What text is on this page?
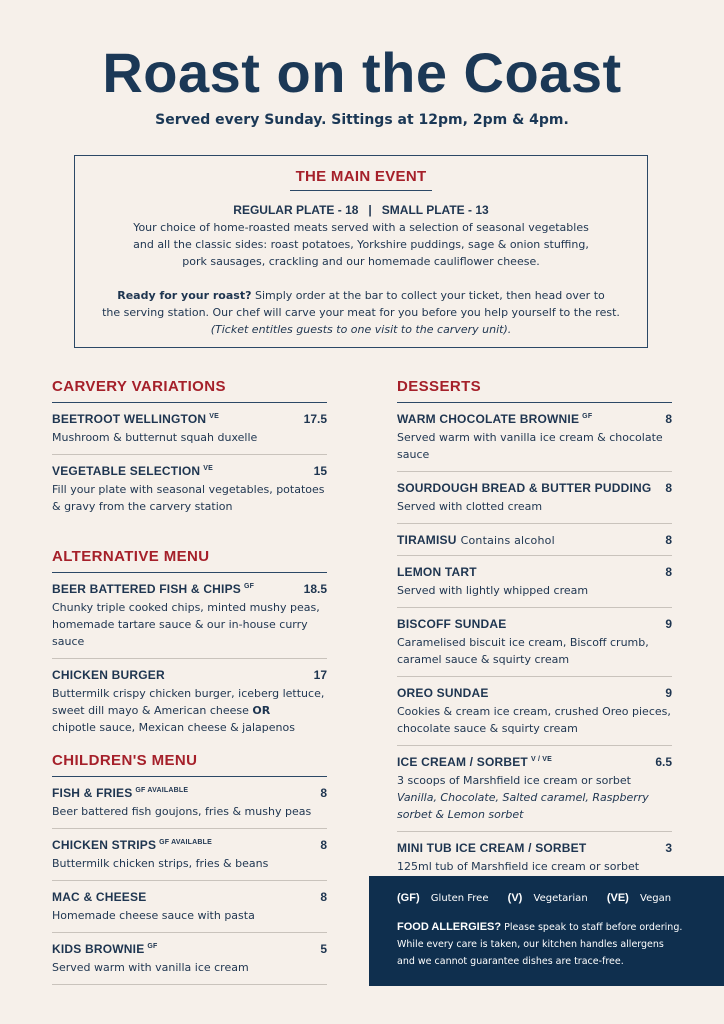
Roast on the Coast
Served every Sunday. Sittings at 12pm, 2pm & 4pm.
THE MAIN EVENT
REGULAR PLATE - 18 | SMALL PLATE - 13
Your choice of home-roasted meats served with a selection of seasonal vegetables
and all the classic sides: roast potatoes, Yorkshire puddings, sage & onion stuffing,
pork sausages, crackling and our homemade cauliflower cheese.
Ready for your roast? Simply order at the bar to collect your ticket, then head over to
the serving station. Our chef will carve your meat for you before you help yourself to the rest.
(Ticket entitles guests to one visit to the carvery unit).
CARVERY VARIATIONS
BEETROOT WELLINGTON $^{VE}$	17.5
Mushroom & butternut squah duxelle
VEGETABLE SELECTION $^{VE}$	15
Fill your plate with seasonal vegetables, potatoes
& gravy from the carvery station
ALTERNATIVE MENU
BEER BATTERED FISH & CHIPS $^{GF}$	18.5
Chunky triple cooked chips, minted mushy peas,
homemade tartare sauce & our in-house curry sauce
CHICKEN BURGER	17
Buttermilk crispy chicken burger, iceberg lettuce,
sweet dill mayo & American cheese OR
chipotle sauce, Mexican cheese & jalapenos
CHILDREN'S MENU
FISH & FRIES $^{GF AVAILABLE}$	8
Beer battered fish goujons, fries & mushy peas
CHICKEN STRIPS $^{GF AVAILABLE}$	8
Buttermilk chicken strips, fries & beans
MAC & CHEESE	8
Homemade cheese sauce with pasta
KIDS BROWNIE $^{GF}$	5
Served warm with vanilla ice cream
DESSERTS
WARM CHOCOLATE BROWNIE $^{GF}$	8
Served warm with vanilla ice cream & chocolate sauce
SOURDOUGH BREAD & BUTTER PUDDING 8
Served with clotted cream
TIRAMISU Contains alcohol	8
LEMON TART	8
Served with lightly whipped cream
BISCOFF SUNDAE	9
Caramelised biscuit ice cream, Biscoff crumb,
caramel sauce & squirty cream
OREO SUNDAE	9
Cookies & cream ice cream, crushed Oreo pieces,
chocolate sauce & squirty cream
ICE CREAM / SORBET $^{V / VE}$	6.5
3 scoops of Marshfield ice cream or sorbet
Vanilla, Chocolate, Salted caramel, Raspberry
sorbet & Lemon sorbet
MINI TUB ICE CREAM / SORBET	3
125ml tub of Marshfield ice cream or sorbet
(GF) Gluten Free (V) Vegetarian (VE) Vegan
FOOD ALLERGIES? Please speak to staff before ordering.
While every care is taken, our kitchen handles allergens
and we cannot guarantee dishes are trace-free.
